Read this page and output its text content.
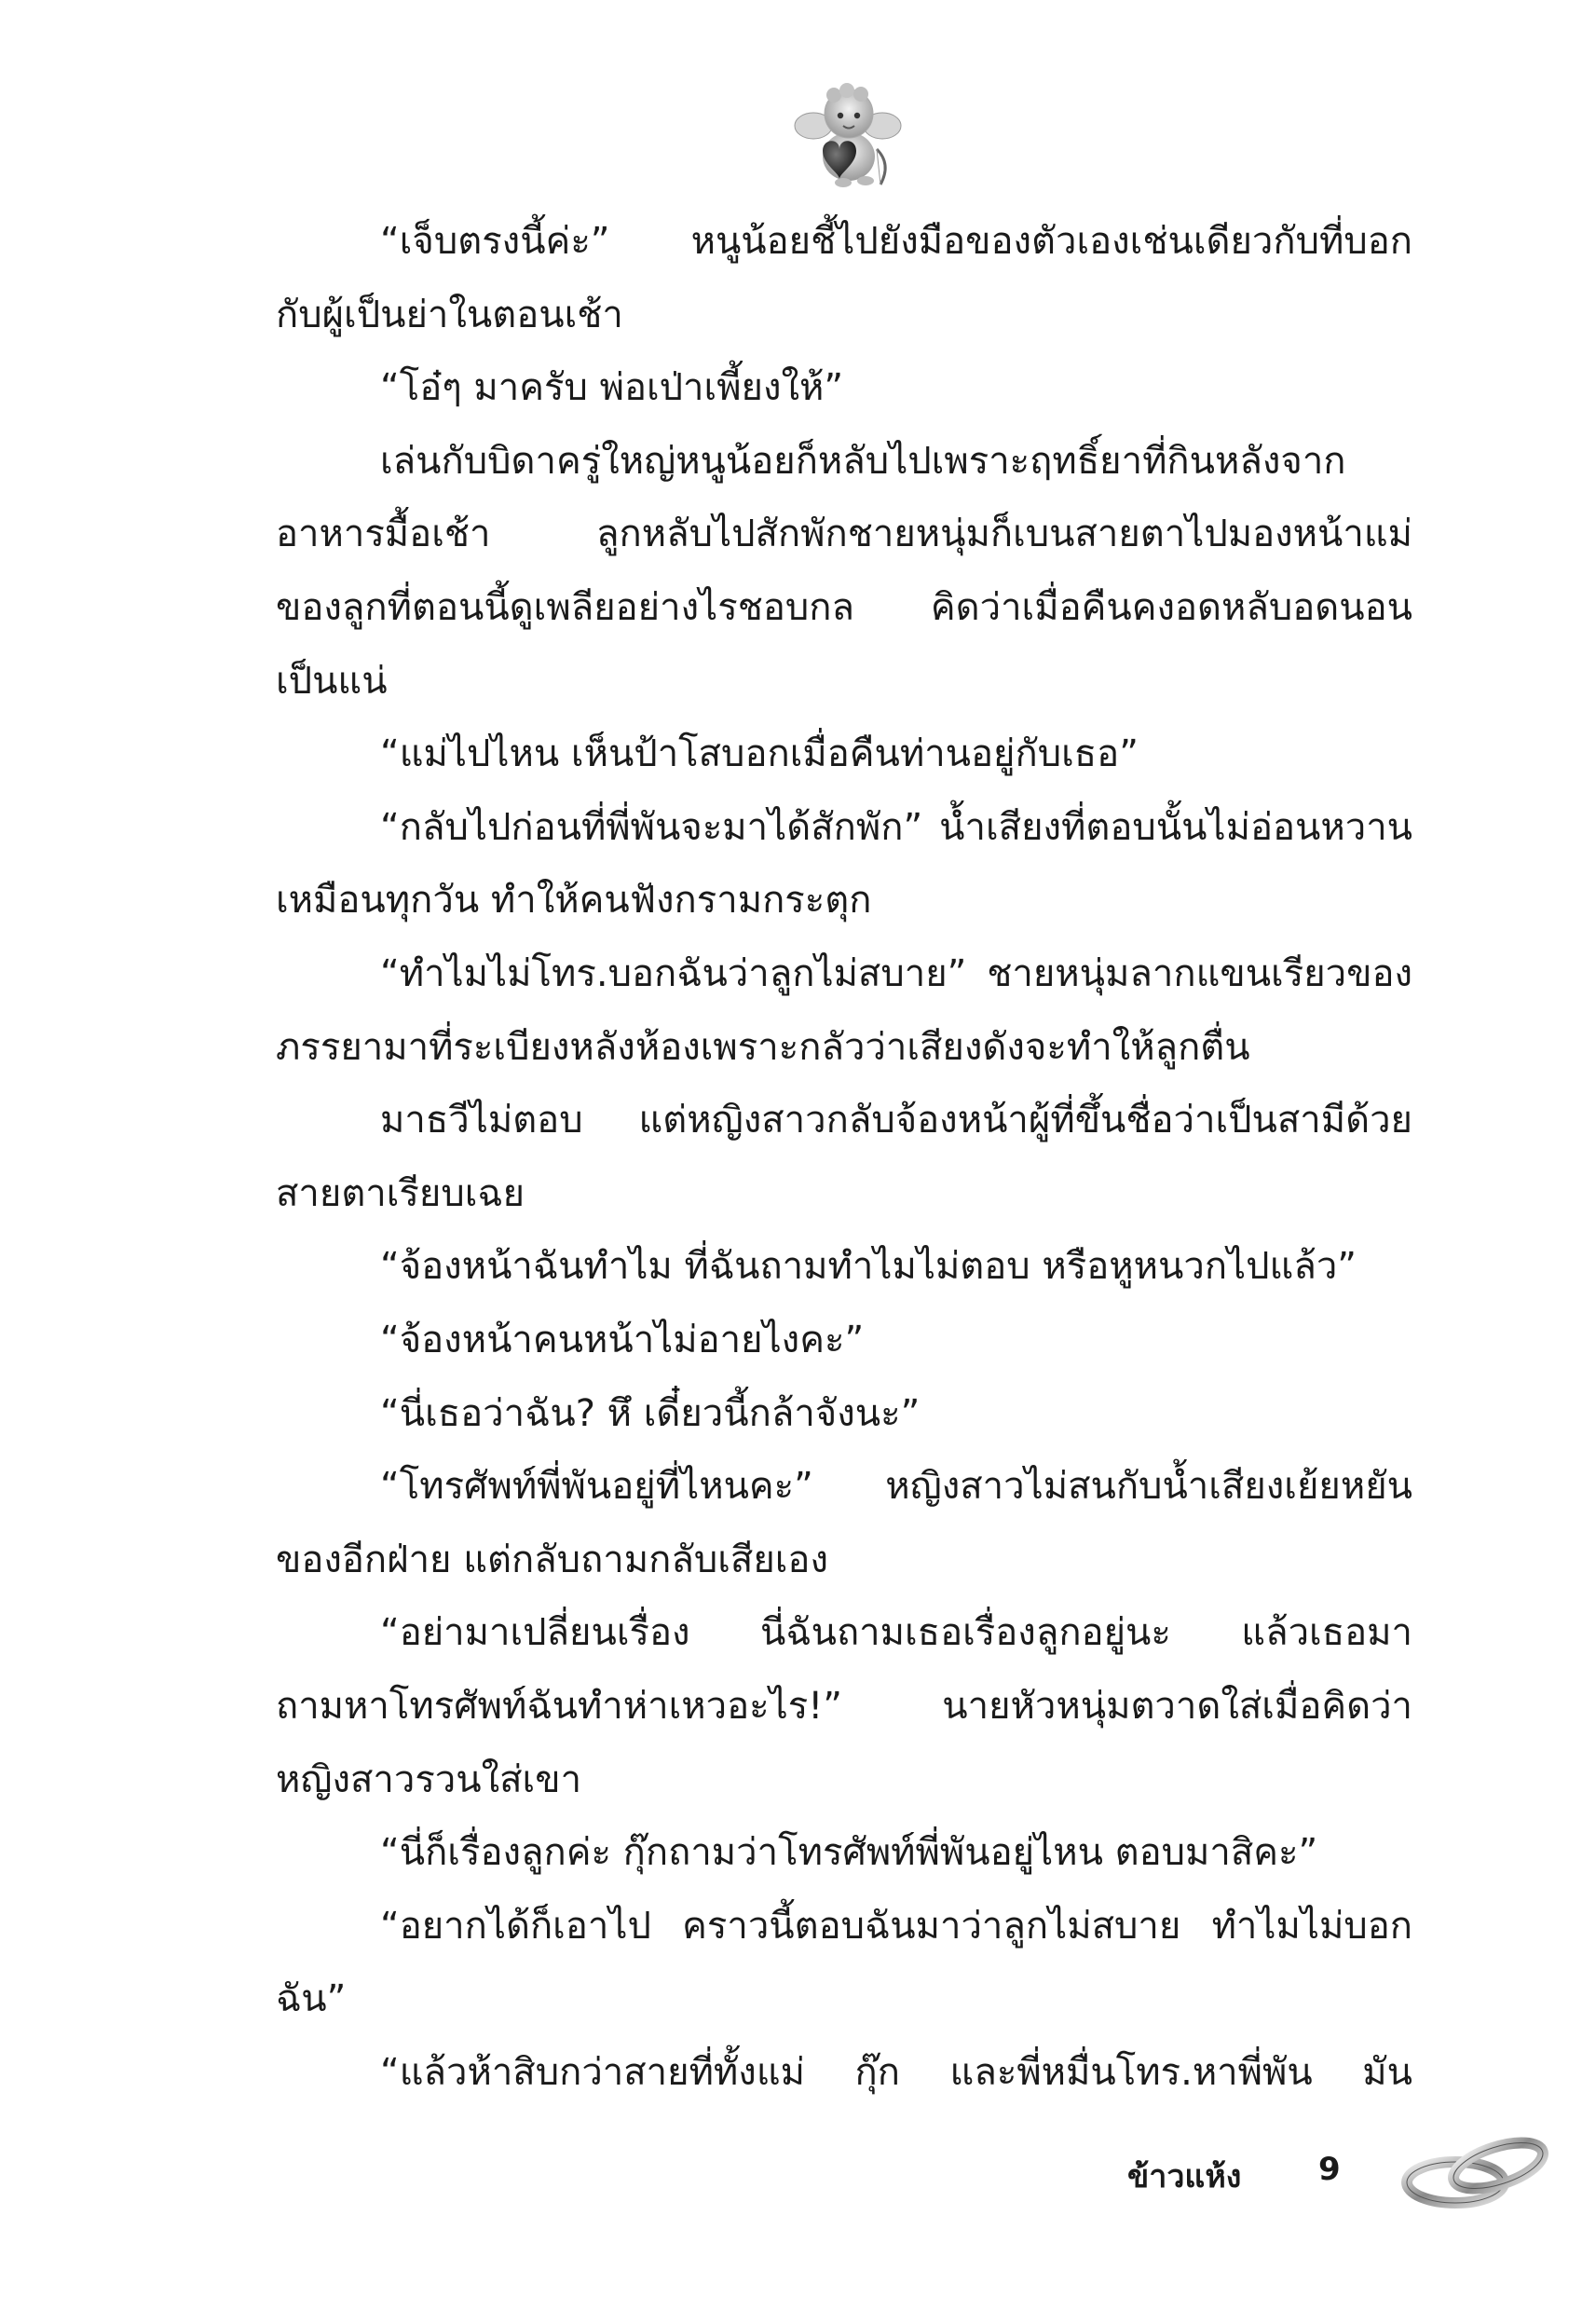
“เจ็บตรงนี้ค่ะ” หนูน้อยชี้ไปยังมือของตัวเองเช่นเดียวกับที่บอก
กับผู้เป็นย่าในตอนเช้า
“โอ๋ๆ มาครับ พ่อเป่าเพี้ยงให้”
เล่นกับบิดาครู่ใหญ่หนูน้อยก็หลับไปเพราะฤทธิ์ยาที่กินหลังจาก
อาหารมื้อเช้า ลูกหลับไปสักพักชายหนุ่มก็เบนสายตาไปมองหน้าแม่
ของลูกที่ตอนนี้ดูเพลียอย่างไรชอบกล คิดว่าเมื่อคืนคงอดหลับอดนอน
เป็นแน่
“แม่ไปไหน เห็นป้าโสบอกเมื่อคืนท่านอยู่กับเธอ”
“กลับไปก่อนที่พี่พันจะมาได้สักพัก” น้ำเสียงที่ตอบนั้นไม่อ่อนหวาน
เหมือนทุกวัน ทำให้คนฟังกรามกระตุก
“ทำไมไม่โทร.บอกฉันว่าลูกไม่สบาย” ชายหนุ่มลากแขนเรียวของ
ภรรยามาที่ระเบียงหลังห้องเพราะกลัวว่าเสียงดังจะทำให้ลูกตื่น
มาธวีไม่ตอบ แต่หญิงสาวกลับจ้องหน้าผู้ที่ขึ้นชื่อว่าเป็นสามีด้วย
สายตาเรียบเฉย
“จ้องหน้าฉันทำไม ที่ฉันถามทำไมไม่ตอบ หรือหูหนวกไปแล้ว”
“จ้องหน้าคนหน้าไม่อายไงคะ”
“นี่เธอว่าฉัน? หึ เดี๋ยวนี้กล้าจังนะ”
“โทรศัพท์พี่พันอยู่ที่ไหนคะ” หญิงสาวไม่สนกับน้ำเสียงเย้ยหยัน
ของอีกฝ่าย แต่กลับถามกลับเสียเอง
“อย่ามาเปลี่ยนเรื่อง นี่ฉันถามเธอเรื่องลูกอยู่นะ แล้วเธอมา
ถามหาโทรศัพท์ฉันทำห่าเหวอะไร!” นายหัวหนุ่มตวาดใส่เมื่อคิดว่า
หญิงสาวรวนใส่เขา
“นี่ก็เรื่องลูกค่ะ กุ๊กถามว่าโทรศัพท์พี่พันอยู่ไหน ตอบมาสิคะ”
“อยากได้ก็เอาไป คราวนี้ตอบฉันมาว่าลูกไม่สบาย ทำไมไม่บอก
ฉัน”
“แล้วห้าสิบกว่าสายที่ทั้งแม่ กุ๊ก และพี่หมื่นโทร.หาพี่พัน มัน
ข้าวแห้ง 9
